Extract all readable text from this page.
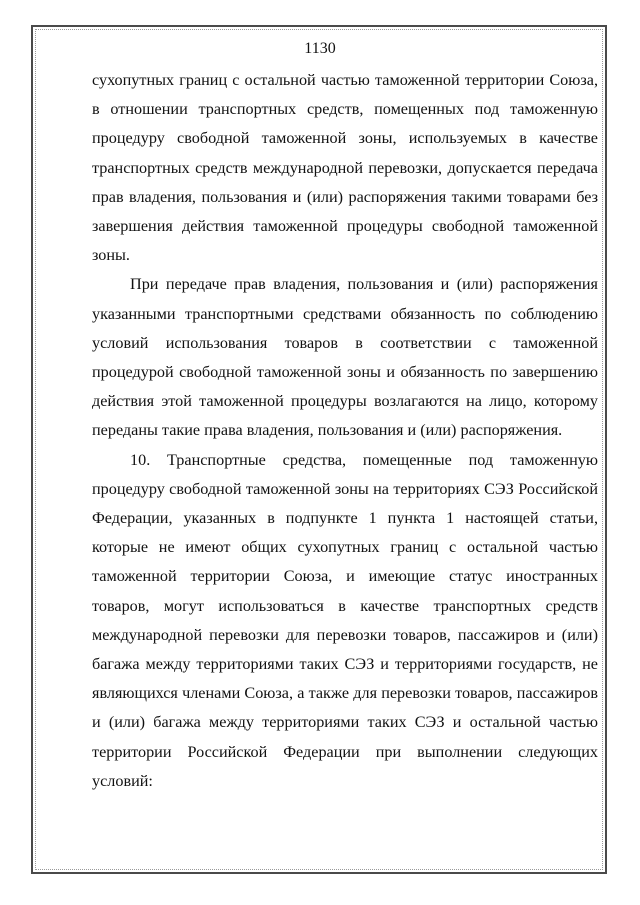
1130

сухопутных границ с остальной частью таможенной территории Союза, в отношении транспортных средств, помещенных под таможенную процедуру свободной таможенной зоны, используемых в качестве транспортных средств международной перевозки, допускается передача прав владения, пользования и (или) распоряжения такими товарами без завершения действия таможенной процедуры свободной таможенной зоны.

При передаче прав владения, пользования и (или) распоряжения указанными транспортными средствами обязанность по соблюдению условий использования товаров в соответствии с таможенной процедурой свободной таможенной зоны и обязанность по завершению действия этой таможенной процедуры возлагаются на лицо, которому переданы такие права владения, пользования и (или) распоряжения.

10. Транспортные средства, помещенные под таможенную процедуру свободной таможенной зоны на территориях СЭЗ Российской Федерации, указанных в подпункте 1 пункта 1 настоящей статьи, которые не имеют общих сухопутных границ с остальной частью таможенной территории Союза, и имеющие статус иностранных товаров, могут использоваться в качестве транспортных средств международной перевозки для перевозки товаров, пассажиров и (или) багажа между территориями таких СЭЗ и территориями государств, не являющихся членами Союза, а также для перевозки товаров, пассажиров и (или) багажа между территориями таких СЭЗ и остальной частью территории Российской Федерации при выполнении следующих условий:
